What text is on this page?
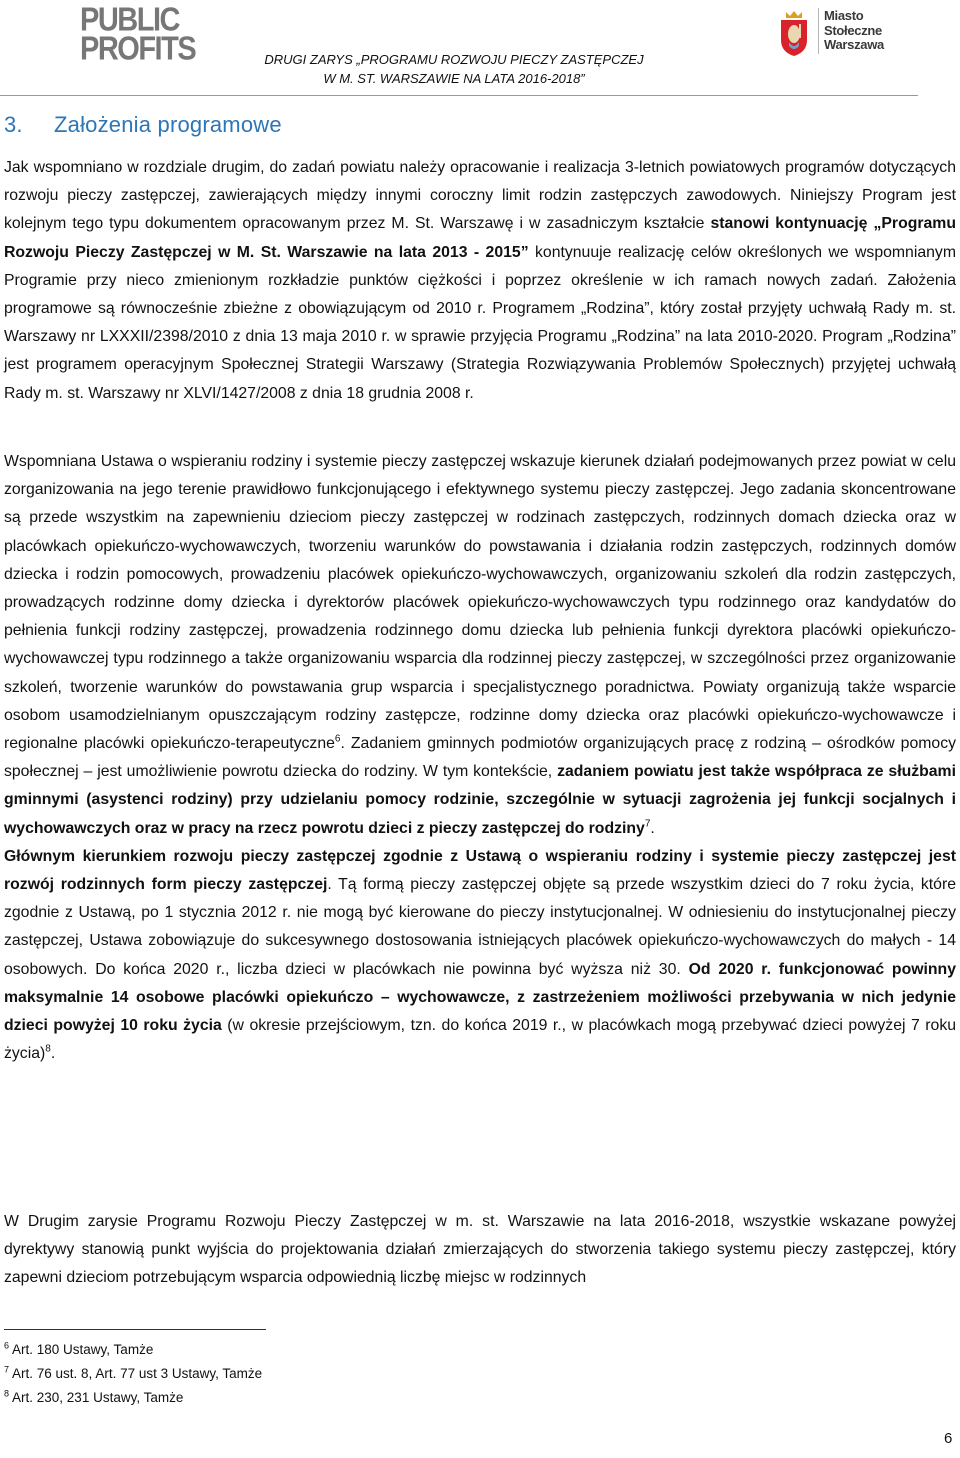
PUBLIC
PROFITS	DRUGI ZARYS „PROGRAMU ROZWOJU PIECZY ZASTĘPCZEJ
W M. ST. WARSZAWIE NA LATA 2016-2018”
Miasto
Stołeczne
Warszawa
3. Założenia programowe

Jak wspomniano w rozdziale drugim, do zadań powiatu należy opracowanie i realizacja 3-letnich powiatowych programów dotyczących rozwoju pieczy zastępczej, zawierających między innymi coroczny limit rodzin zastępczych zawodowych. Niniejszy Program jest kolejnym tego typu dokumentem opracowanym przez M. St. Warszawę i w zasadniczym kształcie stanowi kontynuację „Programu Rozwoju Pieczy Zastępczej w M. St. Warszawie na lata 2013 - 2015” kontynuuje realizację celów określonych we wspomnianym Programie przy nieco zmienionym rozkładzie punktów ciężkości i poprzez określenie w ich ramach nowych zadań. Założenia programowe są równocześnie zbieżne z obowiązującym od 2010 r. Programem „Rodzina”, który został przyjęty uchwałą Rady m. st. Warszawy nr LXXXII/2398/2010 z dnia 13 maja 2010 r. w sprawie przyjęcia Programu „Rodzina” na lata 2010-2020. Program „Rodzina” jest programem operacyjnym Społecznej Strategii Warszawy (Strategia Rozwiązywania Problemów Społecznych) przyjętej uchwałą Rady m. st. Warszawy nr XLVI/1427/2008 z dnia 18 grudnia 2008 r.

Wspomniana Ustawa o wspieraniu rodziny i systemie pieczy zastępczej wskazuje kierunek działań podejmowanych przez powiat w celu zorganizowania na jego terenie prawidłowo funkcjonującego i efektywnego systemu pieczy zastępczej. Jego zadania skoncentrowane są przede wszystkim na zapewnieniu dzieciom pieczy zastępczej w rodzinach zastępczych, rodzinnych domach dziecka oraz w placówkach opiekuńczo-wychowawczych, tworzeniu warunków do powstawania i działania rodzin zastępczych, rodzinnych domów dziecka i rodzin pomocowych, prowadzeniu placówek opiekuńczo-wychowawczych, organizowaniu szkoleń dla rodzin zastępczych, prowadzących rodzinne domy dziecka i dyrektorów placówek opiekuńczo-wychowawczych typu rodzinnego oraz kandydatów do pełnienia funkcji rodziny zastępczej, prowadzenia rodzinnego domu dziecka lub pełnienia funkcji dyrektora placówki opiekuńczo-wychowawczej typu rodzinnego a także organizowaniu wsparcia dla rodzinnej pieczy zastępczej, w szczególności przez organizowanie szkoleń, tworzenie warunków do powstawania grup wsparcia i specjalistycznego poradnictwa. Powiaty organizują także wsparcie osobom usamodzielnianym opuszczającym rodziny zastępcze, rodzinne domy dziecka oraz placówki opiekuńczo-wychowawcze i regionalne placówki opiekuńczo-terapeutyczne$^6$. Zadaniem gminnych podmiotów organizujących pracę z rodziną – ośrodków pomocy społecznej – jest umożliwienie powrotu dziecka do rodziny. W tym kontekście, zadaniem powiatu jest także współpraca ze służbami gminnymi (asystenci rodziny) przy udzielaniu pomocy rodzinie, szczególnie w sytuacji zagrożenia jej funkcji socjalnych i wychowawczych oraz w pracy na rzecz powrotu dzieci z pieczy zastępczej do rodziny$^7$.
Głównym kierunkiem rozwoju pieczy zastępczej zgodnie z Ustawą o wspieraniu rodziny i systemie pieczy zastępczej jest rozwój rodzinnych form pieczy zastępczej. Tą formą pieczy zastępczej objęte są przede wszystkim dzieci do 7 roku życia, które zgodnie z Ustawą, po 1 stycznia 2012 r. nie mogą być kierowane do pieczy instytucjonalnej. W odniesieniu do instytucjonalnej pieczy zastępczej, Ustawa zobowiązuje do sukcesywnego dostosowania istniejących placówek opiekuńczo-wychowawczych do małych - 14 osobowych. Do końca 2020 r., liczba dzieci w placówkach nie powinna być wyższa niż 30. Od 2020 r. funkcjonować powinny maksymalnie 14 osobowe placówki opiekuńczo – wychowawcze, z zastrzeżeniem możliwości przebywania w nich jedynie dzieci powyżej 10 roku życia (w okresie przejściowym, tzn. do końca 2019 r., w placówkach mogą przebywać dzieci powyżej 7 roku życia)$^8$.

W Drugim zarysie Programu Rozwoju Pieczy Zastępczej w m. st. Warszawie na lata 2016-2018, wszystkie wskazane powyżej dyrektywy stanowią punkt wyjścia do projektowania działań zmierzających do stworzenia takiego systemu pieczy zastępczej, który zapewni dzieciom potrzebującym wsparcia odpowiednią liczbę miejsc w rodzinnych

$^6$ Art. 180 Ustawy, Tamże
$^7$ Art. 76 ust. 8, Art. 77 ust 3 Ustawy, Tamże
$^8$ Art. 230, 231 Ustawy, Tamże
6
